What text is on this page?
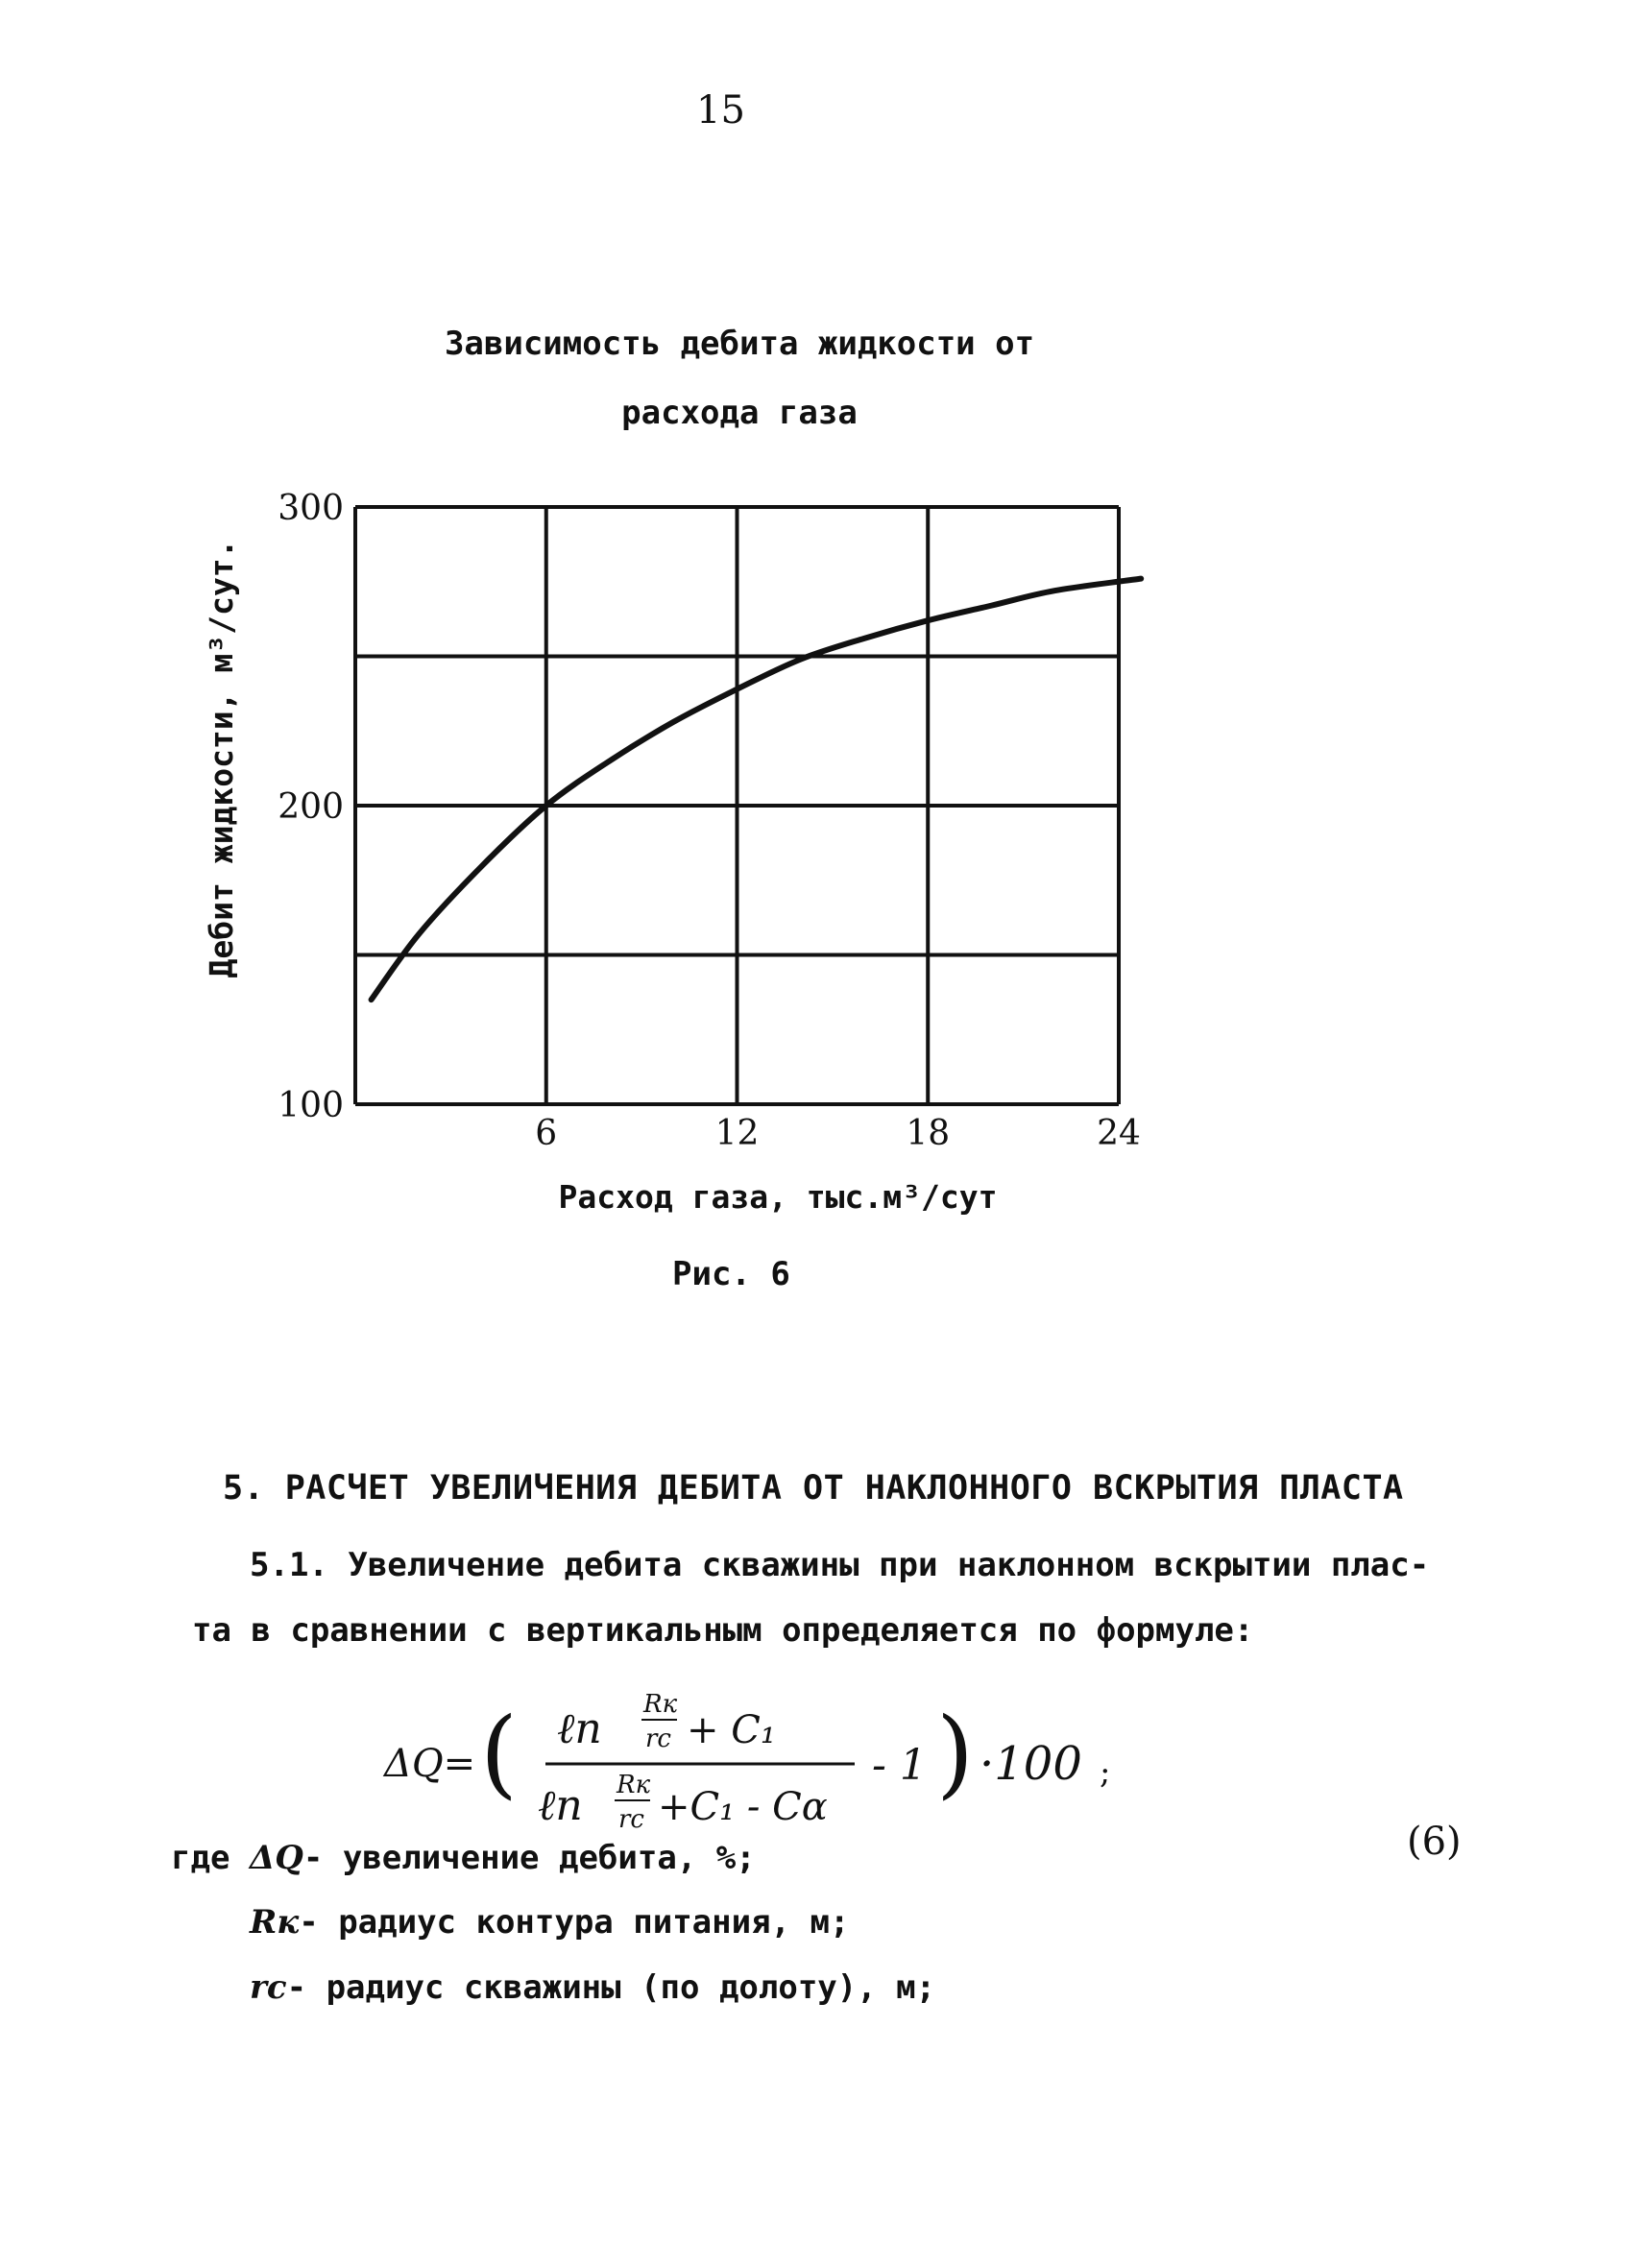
15
Зависимость дебита жидкости от
расхода газа
6	12	18	24
100
200
300
Расход газа, тыс.м³/сут
Дебит жидкости, м³/сут.
Рис. 6
5. РАСЧЕТ УВЕЛИЧЕНИЯ ДЕБИТА ОТ НАКЛОННОГО ВСКРЫТИЯ ПЛАСТА
5.1. Увеличение дебита скважины при наклонном вскрытии плас-
та в сравнении с вертикальным определяется по формуле:
ΔQ= ( ℓn Rк
rс + C₁
ℓn Rк
rс +C₁ - Cα
- 1 ) ·100 ;
(6)
где ΔQ- увеличение дебита, %;
Rк- радиус контура питания, м;
rс- радиус скважины (по долоту), м;
